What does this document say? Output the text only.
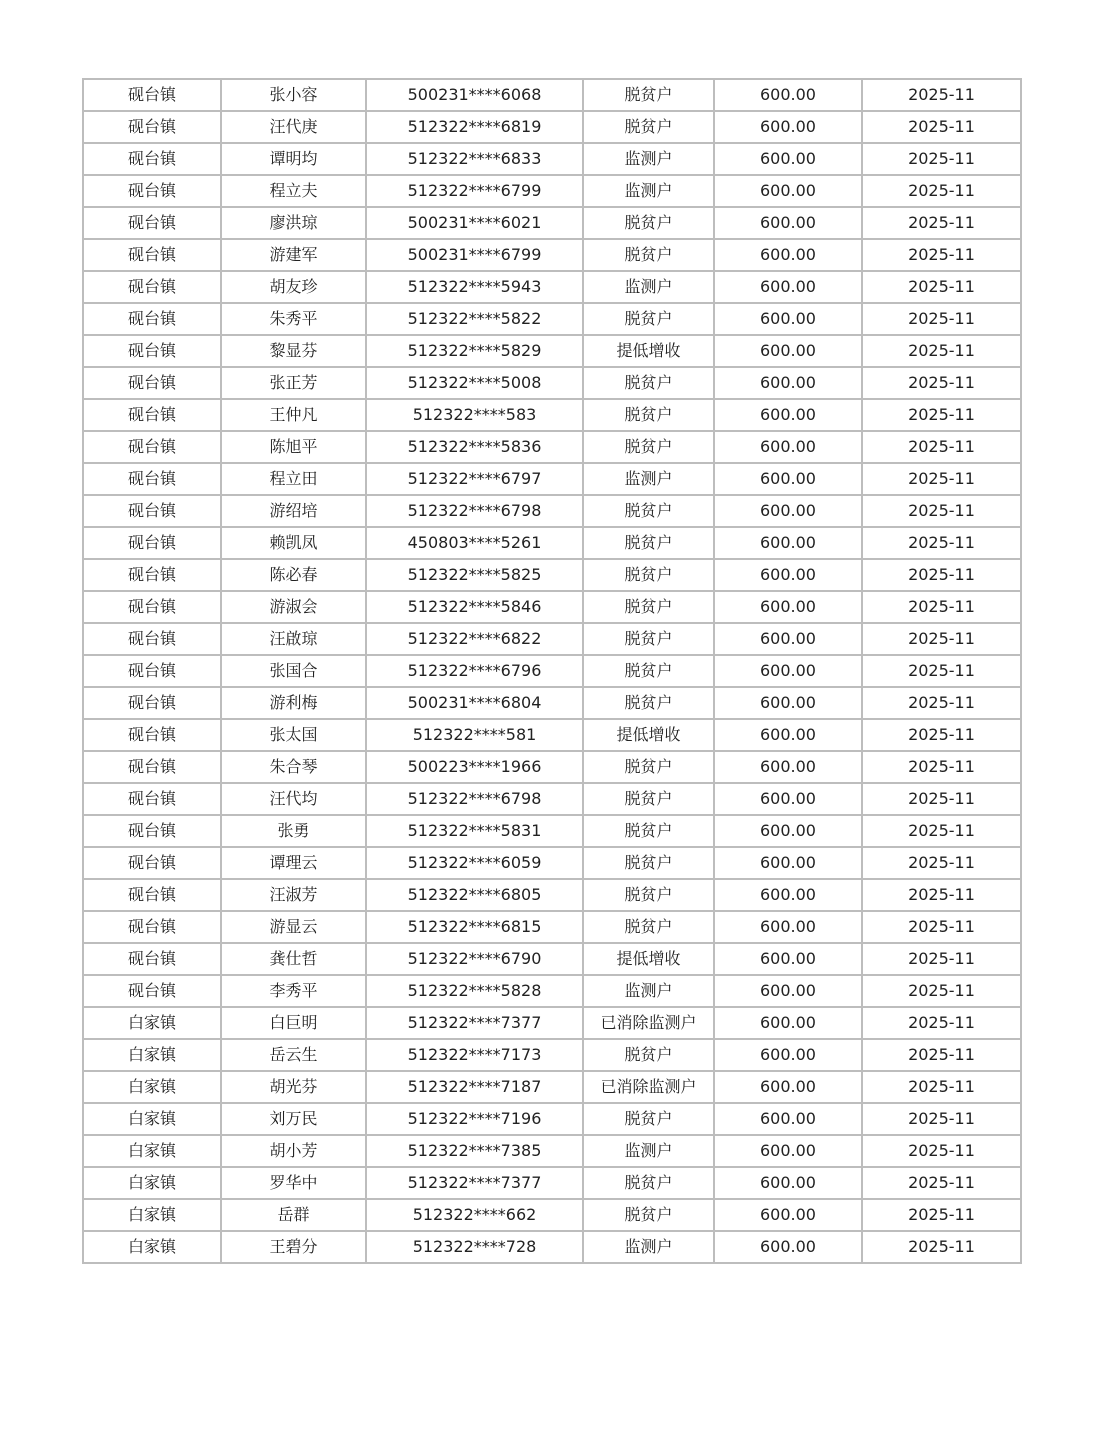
砚台镇	张小容	500231****6068	脱贫户	600.00	2025-11
砚台镇	汪代庚	512322****6819	脱贫户	600.00	2025-11
砚台镇	谭明均	512322****6833	监测户	600.00	2025-11
砚台镇	程立夫	512322****6799	监测户	600.00	2025-11
砚台镇	廖洪琼	500231****6021	脱贫户	600.00	2025-11
砚台镇	游建军	500231****6799	脱贫户	600.00	2025-11
砚台镇	胡友珍	512322****5943	监测户	600.00	2025-11
砚台镇	朱秀平	512322****5822	脱贫户	600.00	2025-11
砚台镇	黎显芬	512322****5829	提低增收	600.00	2025-11
砚台镇	张正芳	512322****5008	脱贫户	600.00	2025-11
砚台镇	王仲凡	512322****583	脱贫户	600.00	2025-11
砚台镇	陈旭平	512322****5836	脱贫户	600.00	2025-11
砚台镇	程立田	512322****6797	监测户	600.00	2025-11
砚台镇	游绍培	512322****6798	脱贫户	600.00	2025-11
砚台镇	赖凯凤	450803****5261	脱贫户	600.00	2025-11
砚台镇	陈必春	512322****5825	脱贫户	600.00	2025-11
砚台镇	游淑会	512322****5846	脱贫户	600.00	2025-11
砚台镇	汪啟琼	512322****6822	脱贫户	600.00	2025-11
砚台镇	张国合	512322****6796	脱贫户	600.00	2025-11
砚台镇	游利梅	500231****6804	脱贫户	600.00	2025-11
砚台镇	张太国	512322****581	提低增收	600.00	2025-11
砚台镇	朱合琴	500223****1966	脱贫户	600.00	2025-11
砚台镇	汪代均	512322****6798	脱贫户	600.00	2025-11
砚台镇	张勇	512322****5831	脱贫户	600.00	2025-11
砚台镇	谭理云	512322****6059	脱贫户	600.00	2025-11
砚台镇	汪淑芳	512322****6805	脱贫户	600.00	2025-11
砚台镇	游显云	512322****6815	脱贫户	600.00	2025-11
砚台镇	龚仕哲	512322****6790	提低增收	600.00	2025-11
砚台镇	李秀平	512322****5828	监测户	600.00	2025-11
白家镇	白巨明	512322****7377	已消除监测户	600.00	2025-11
白家镇	岳云生	512322****7173	脱贫户	600.00	2025-11
白家镇	胡光芬	512322****7187	已消除监测户	600.00	2025-11
白家镇	刘万民	512322****7196	脱贫户	600.00	2025-11
白家镇	胡小芳	512322****7385	监测户	600.00	2025-11
白家镇	罗华中	512322****7377	脱贫户	600.00	2025-11
白家镇	岳群	512322****662	脱贫户	600.00	2025-11
白家镇	王碧分	512322****728	监测户	600.00	2025-11
